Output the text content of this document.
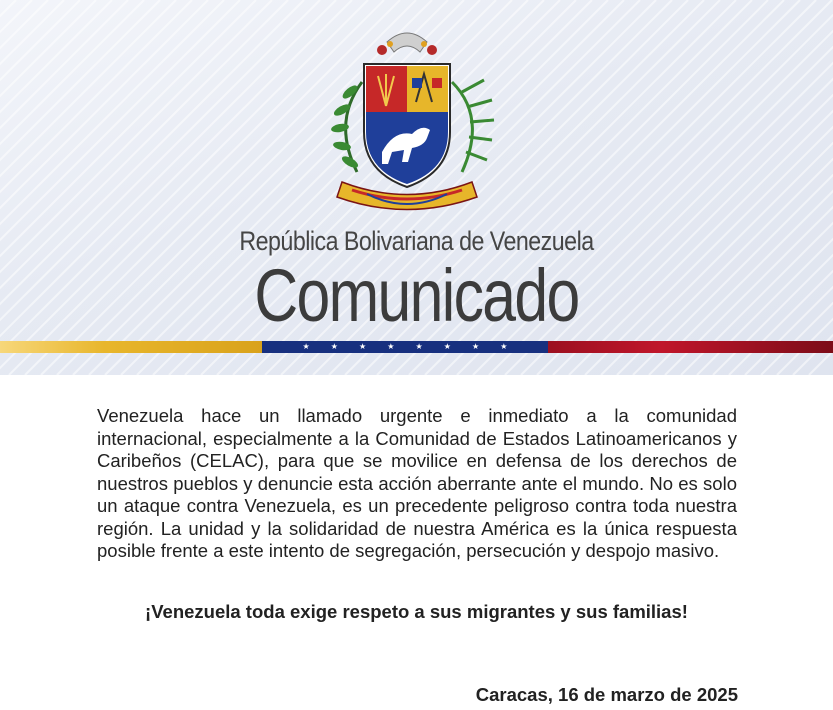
República Bolivariana de Venezuela
Comunicado
★	★	★	★	★	★	★	★
Venezuela hace un llamado urgente e inmediato a la comunidad internacional, especialmente a la Comunidad de Estados Latinoamericanos y Caribeños (CELAC), para que se movilice en defensa de los derechos de nuestros pueblos y denuncie esta acción aberrante ante el mundo. No es solo un ataque contra Venezuela, es un precedente peligroso contra toda nuestra región. La unidad y la solidaridad de nuestra América es la única respuesta posible frente a este intento de segregación, persecución y despojo masivo.
¡Venezuela toda exige respeto a sus migrantes y sus familias!
Caracas, 16 de marzo de 2025
